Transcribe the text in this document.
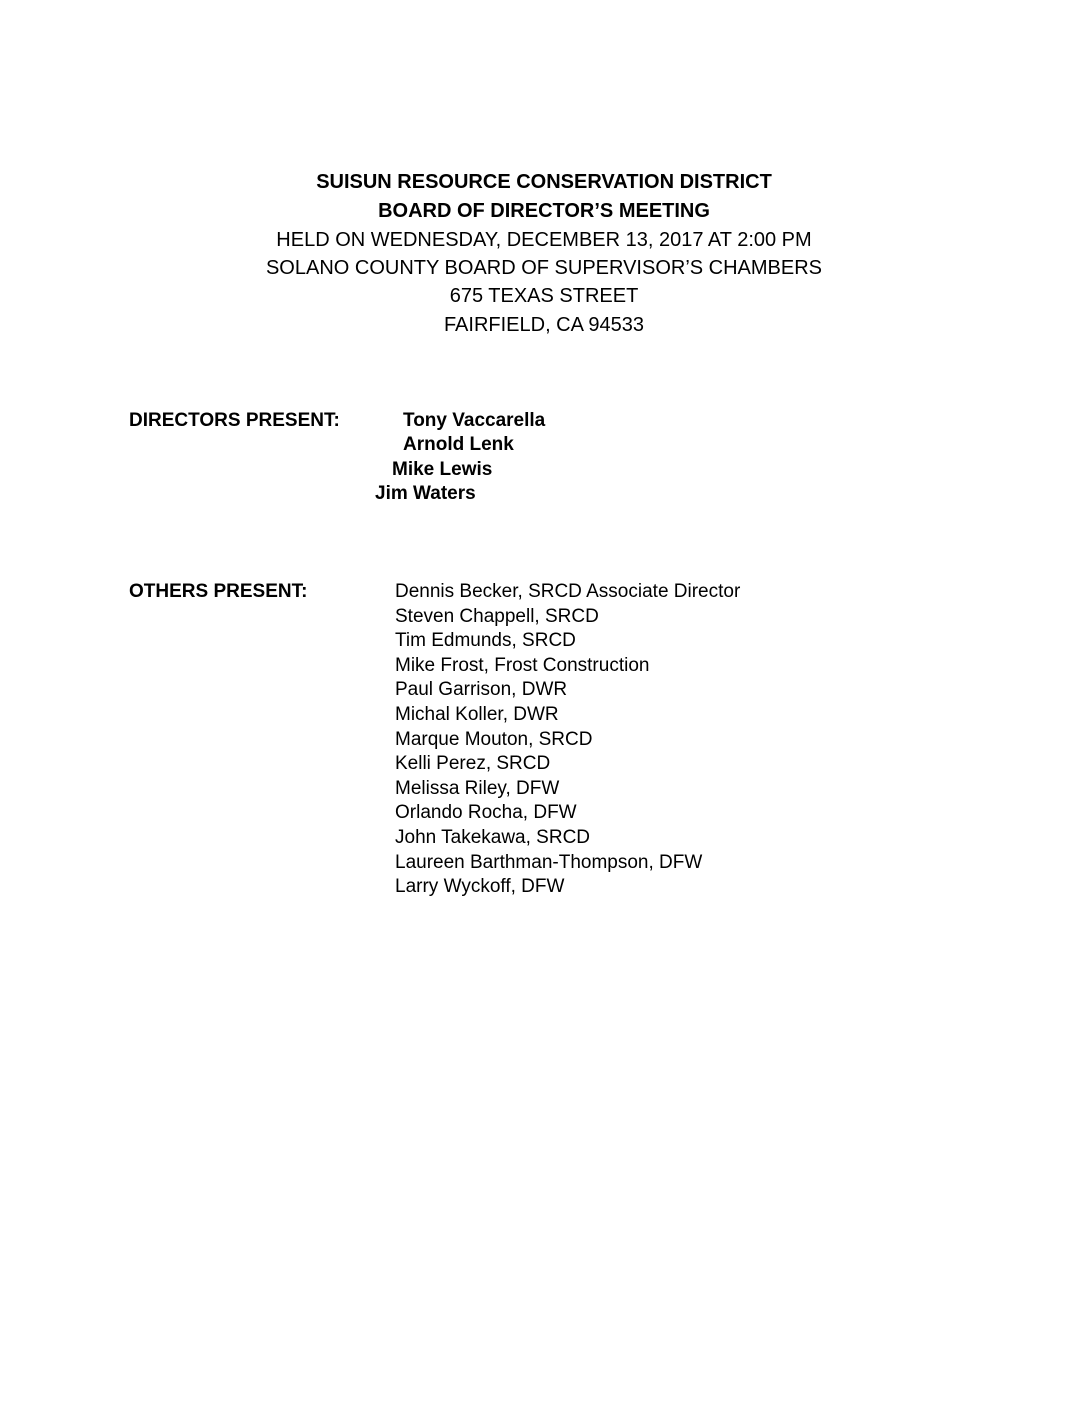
SUISUN RESOURCE CONSERVATION DISTRICT
BOARD OF DIRECTOR’S MEETING
HELD ON WEDNESDAY, DECEMBER 13, 2017 AT 2:00 PM
SOLANO COUNTY BOARD OF SUPERVISOR’S CHAMBERS
675 TEXAS STREET
FAIRFIELD, CA 94533
DIRECTORS PRESENT:	Tony Vaccarella
Arnold Lenk
Mike Lewis
Jim Waters
OTHERS PRESENT:	Dennis Becker, SRCD Associate Director
Steven Chappell, SRCD
Tim Edmunds, SRCD
Mike Frost, Frost Construction
Paul Garrison, DWR
Michal Koller, DWR
Marque Mouton, SRCD
Kelli Perez, SRCD
Melissa Riley, DFW
Orlando Rocha, DFW
John Takekawa, SRCD
Laureen Barthman-Thompson, DFW
Larry Wyckoff, DFW
